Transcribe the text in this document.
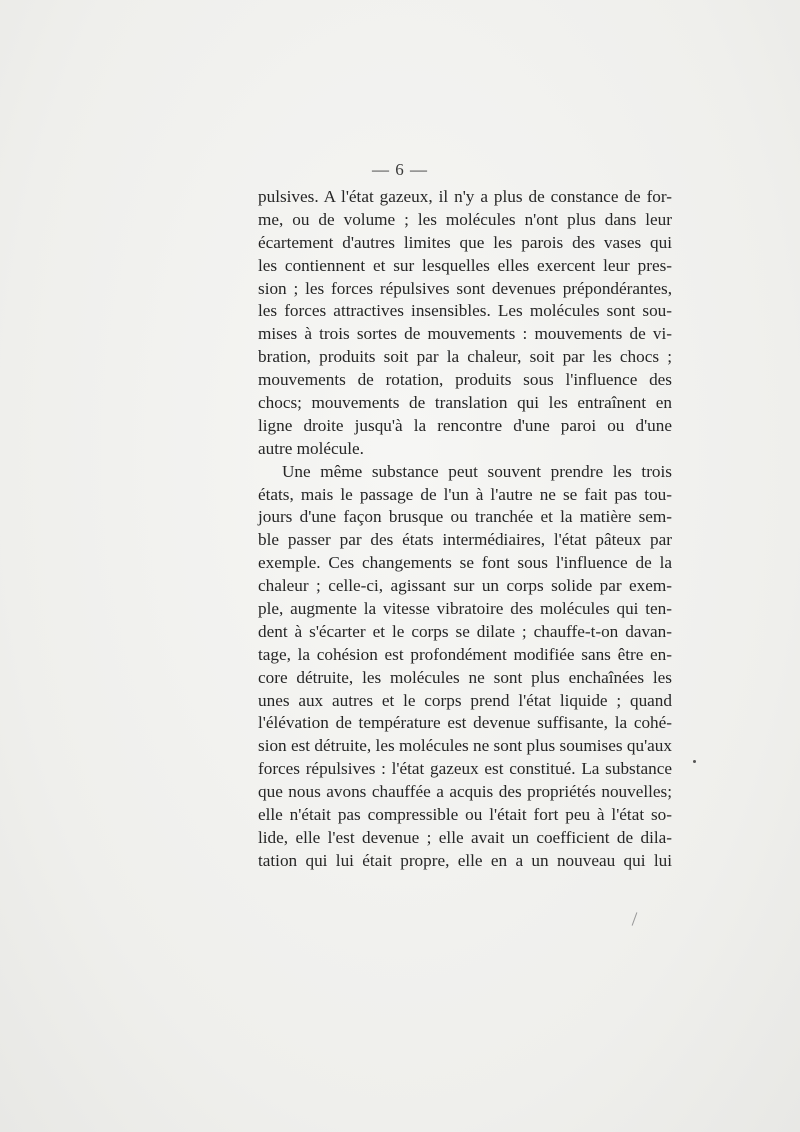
— 6 —
pulsives. A l'état gazeux, il n'y a plus de constance de for-
me, ou de volume ; les molécules n'ont plus dans leur
écartement d'autres limites que les parois des vases qui
les contiennent et sur lesquelles elles exercent leur pres-
sion ; les forces répulsives sont devenues prépondérantes,
les forces attractives insensibles. Les molécules sont sou-
mises à trois sortes de mouvements : mouvements de vi-
bration, produits soit par la chaleur, soit par les chocs ;
mouvements de rotation, produits sous l'influence des
chocs; mouvements de translation qui les entraînent en
ligne droite jusqu'à la rencontre d'une paroi ou d'une
autre molécule.
Une même substance peut souvent prendre les trois
états, mais le passage de l'un à l'autre ne se fait pas tou-
jours d'une façon brusque ou tranchée et la matière sem-
ble passer par des états intermédiaires, l'état pâteux par
exemple. Ces changements se font sous l'influence de la
chaleur ; celle-ci, agissant sur un corps solide par exem-
ple, augmente la vitesse vibratoire des molécules qui ten-
dent à s'écarter et le corps se dilate ; chauffe-t-on davan-
tage, la cohésion est profondément modifiée sans être en-
core détruite, les molécules ne sont plus enchaînées les
unes aux autres et le corps prend l'état liquide ; quand
l'élévation de température est devenue suffisante, la cohé-
sion est détruite, les molécules ne sont plus soumises qu'aux
forces répulsives : l'état gazeux est constitué. La substance
que nous avons chauffée a acquis des propriétés nouvelles;
elle n'était pas compressible ou l'était fort peu à l'état so-
lide, elle l'est devenue ; elle avait un coefficient de dila-
tation qui lui était propre, elle en a un nouveau qui lui
